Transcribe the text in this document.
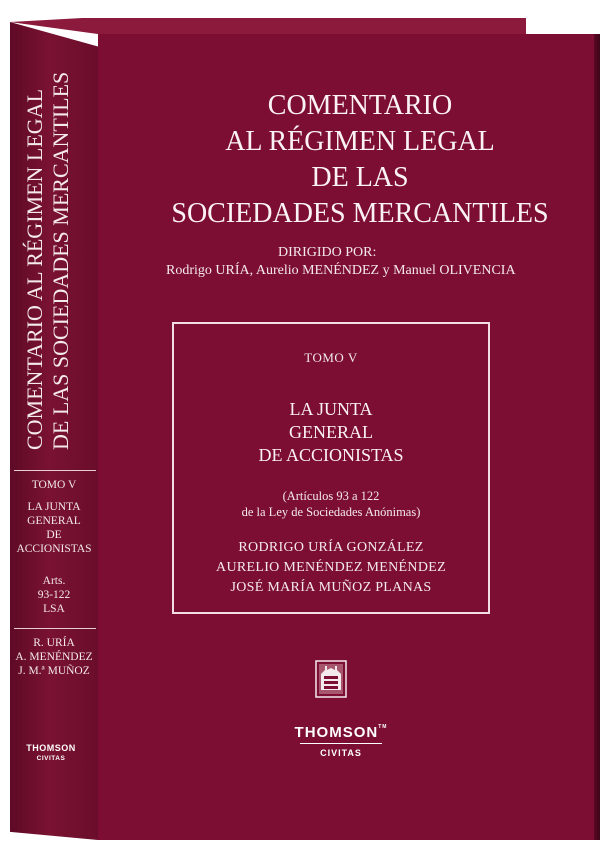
COMENTARIO AL RÉGIMEN LEGAL DE LAS SOCIEDADES MERCANTILES
TOMO V
LA JUNTA
GENERAL
DE
ACCIONISTAS
Arts.
93-122
LSA
R. URÍA
A. MENÉNDEZ
J. M.ª MUÑOZ
THOMSON
CIVITAS
COMENTARIO
AL RÉGIMEN LEGAL
DE LAS
SOCIEDADES MERCANTILES
DIRIGIDO POR:
Rodrigo URÍA, Aurelio MENÉNDEZ y Manuel OLIVENCIA
TOMO V
LA JUNTA
GENERAL
DE ACCIONISTAS
(Artículos 93 a 122
de la Ley de Sociedades Anónimas)
RODRIGO URÍA GONZÁLEZ
AURELIO MENÉNDEZ MENÉNDEZ
JOSÉ MARÍA MUÑOZ PLANAS
THOMSON™
CIVITAS
